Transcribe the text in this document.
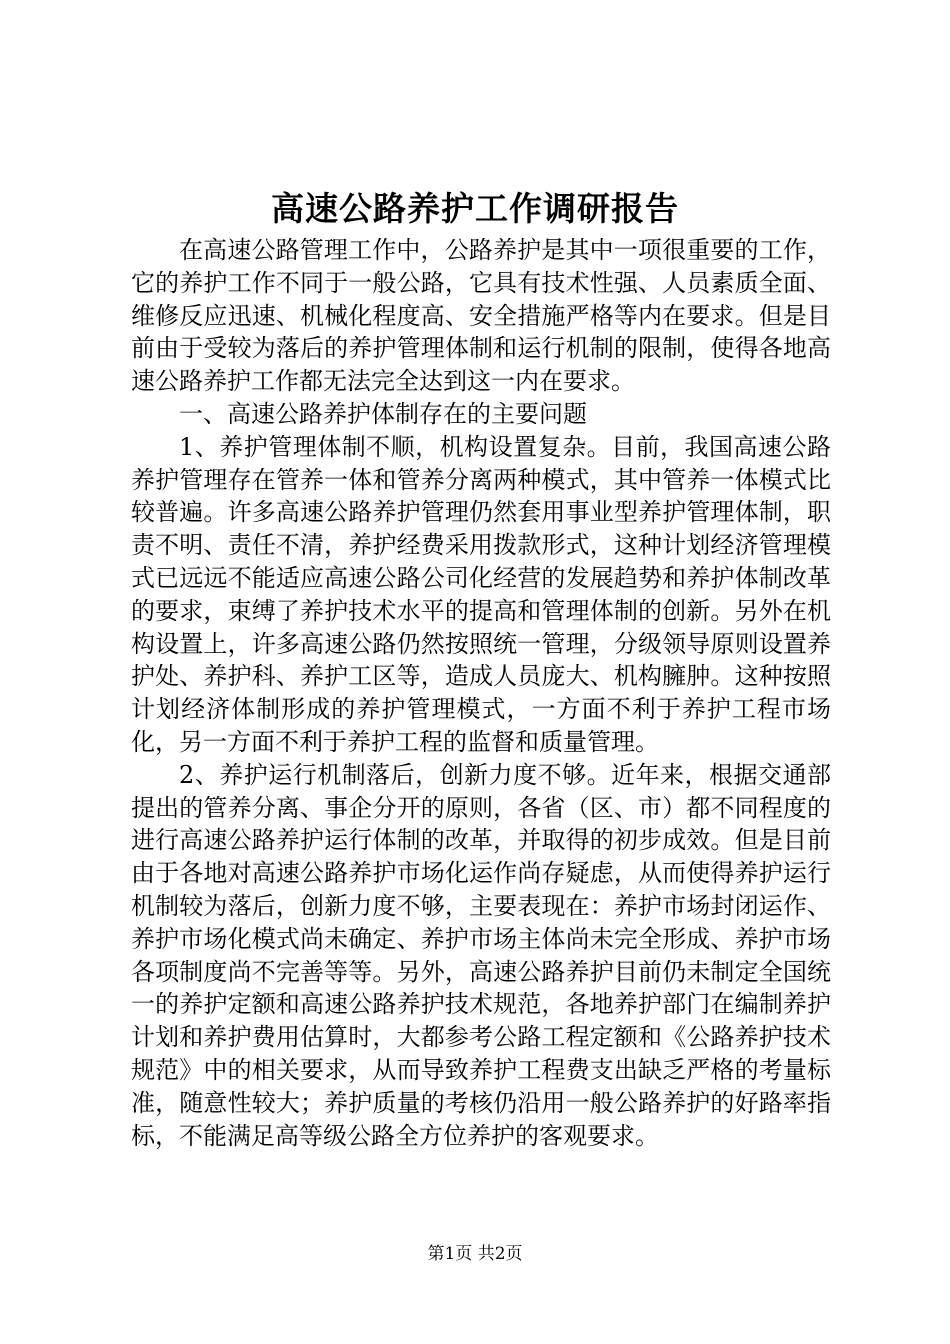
高速公路养护工作调研报告

在高速公路管理工作中，公路养护是其中一项很重要的工作，它的养护工作不同于一般公路，它具有技术性强、人员素质全面、维修反应迅速、机械化程度高、安全措施严格等内在要求。但是目前由于受较为落后的养护管理体制和运行机制的限制，使得各地高速公路养护工作都无法完全达到这一内在要求。

一、高速公路养护体制存在的主要问题

1、养护管理体制不顺，机构设置复杂。目前，我国高速公路养护管理存在管养一体和管养分离两种模式，其中管养一体模式比较普遍。许多高速公路养护管理仍然套用事业型养护管理体制，职责不明、责任不清，养护经费采用拨款形式，这种计划经济管理模式已远远不能适应高速公路公司化经营的发展趋势和养护体制改革的要求，束缚了养护技术水平的提高和管理体制的创新。另外在机构设置上，许多高速公路仍然按照统一管理，分级领导原则设置养护处、养护科、养护工区等，造成人员庞大、机构臃肿。这种按照计划经济体制形成的养护管理模式，一方面不利于养护工程市场化，另一方面不利于养护工程的监督和质量管理。

2、养护运行机制落后，创新力度不够。近年来，根据交通部提出的管养分离、事企分开的原则，各省（区、市）都不同程度的进行高速公路养护运行体制的改革，并取得的初步成效。但是目前由于各地对高速公路养护市场化运作尚存疑虑，从而使得养护运行机制较为落后，创新力度不够，主要表现在：养护市场封闭运作、养护市场化模式尚未确定、养护市场主体尚未完全形成、养护市场各项制度尚不完善等等。另外，高速公路养护目前仍未制定全国统一的养护定额和高速公路养护技术规范，各地养护部门在编制养护计划和养护费用估算时，大都参考公路工程定额和《公路养护技术规范》中的相关要求，从而导致养护工程费支出缺乏严格的考量标准，随意性较大；养护质量的考核仍沿用一般公路养护的好路率指标，不能满足高等级公路全方位养护的客观要求。

第1页 共2页
